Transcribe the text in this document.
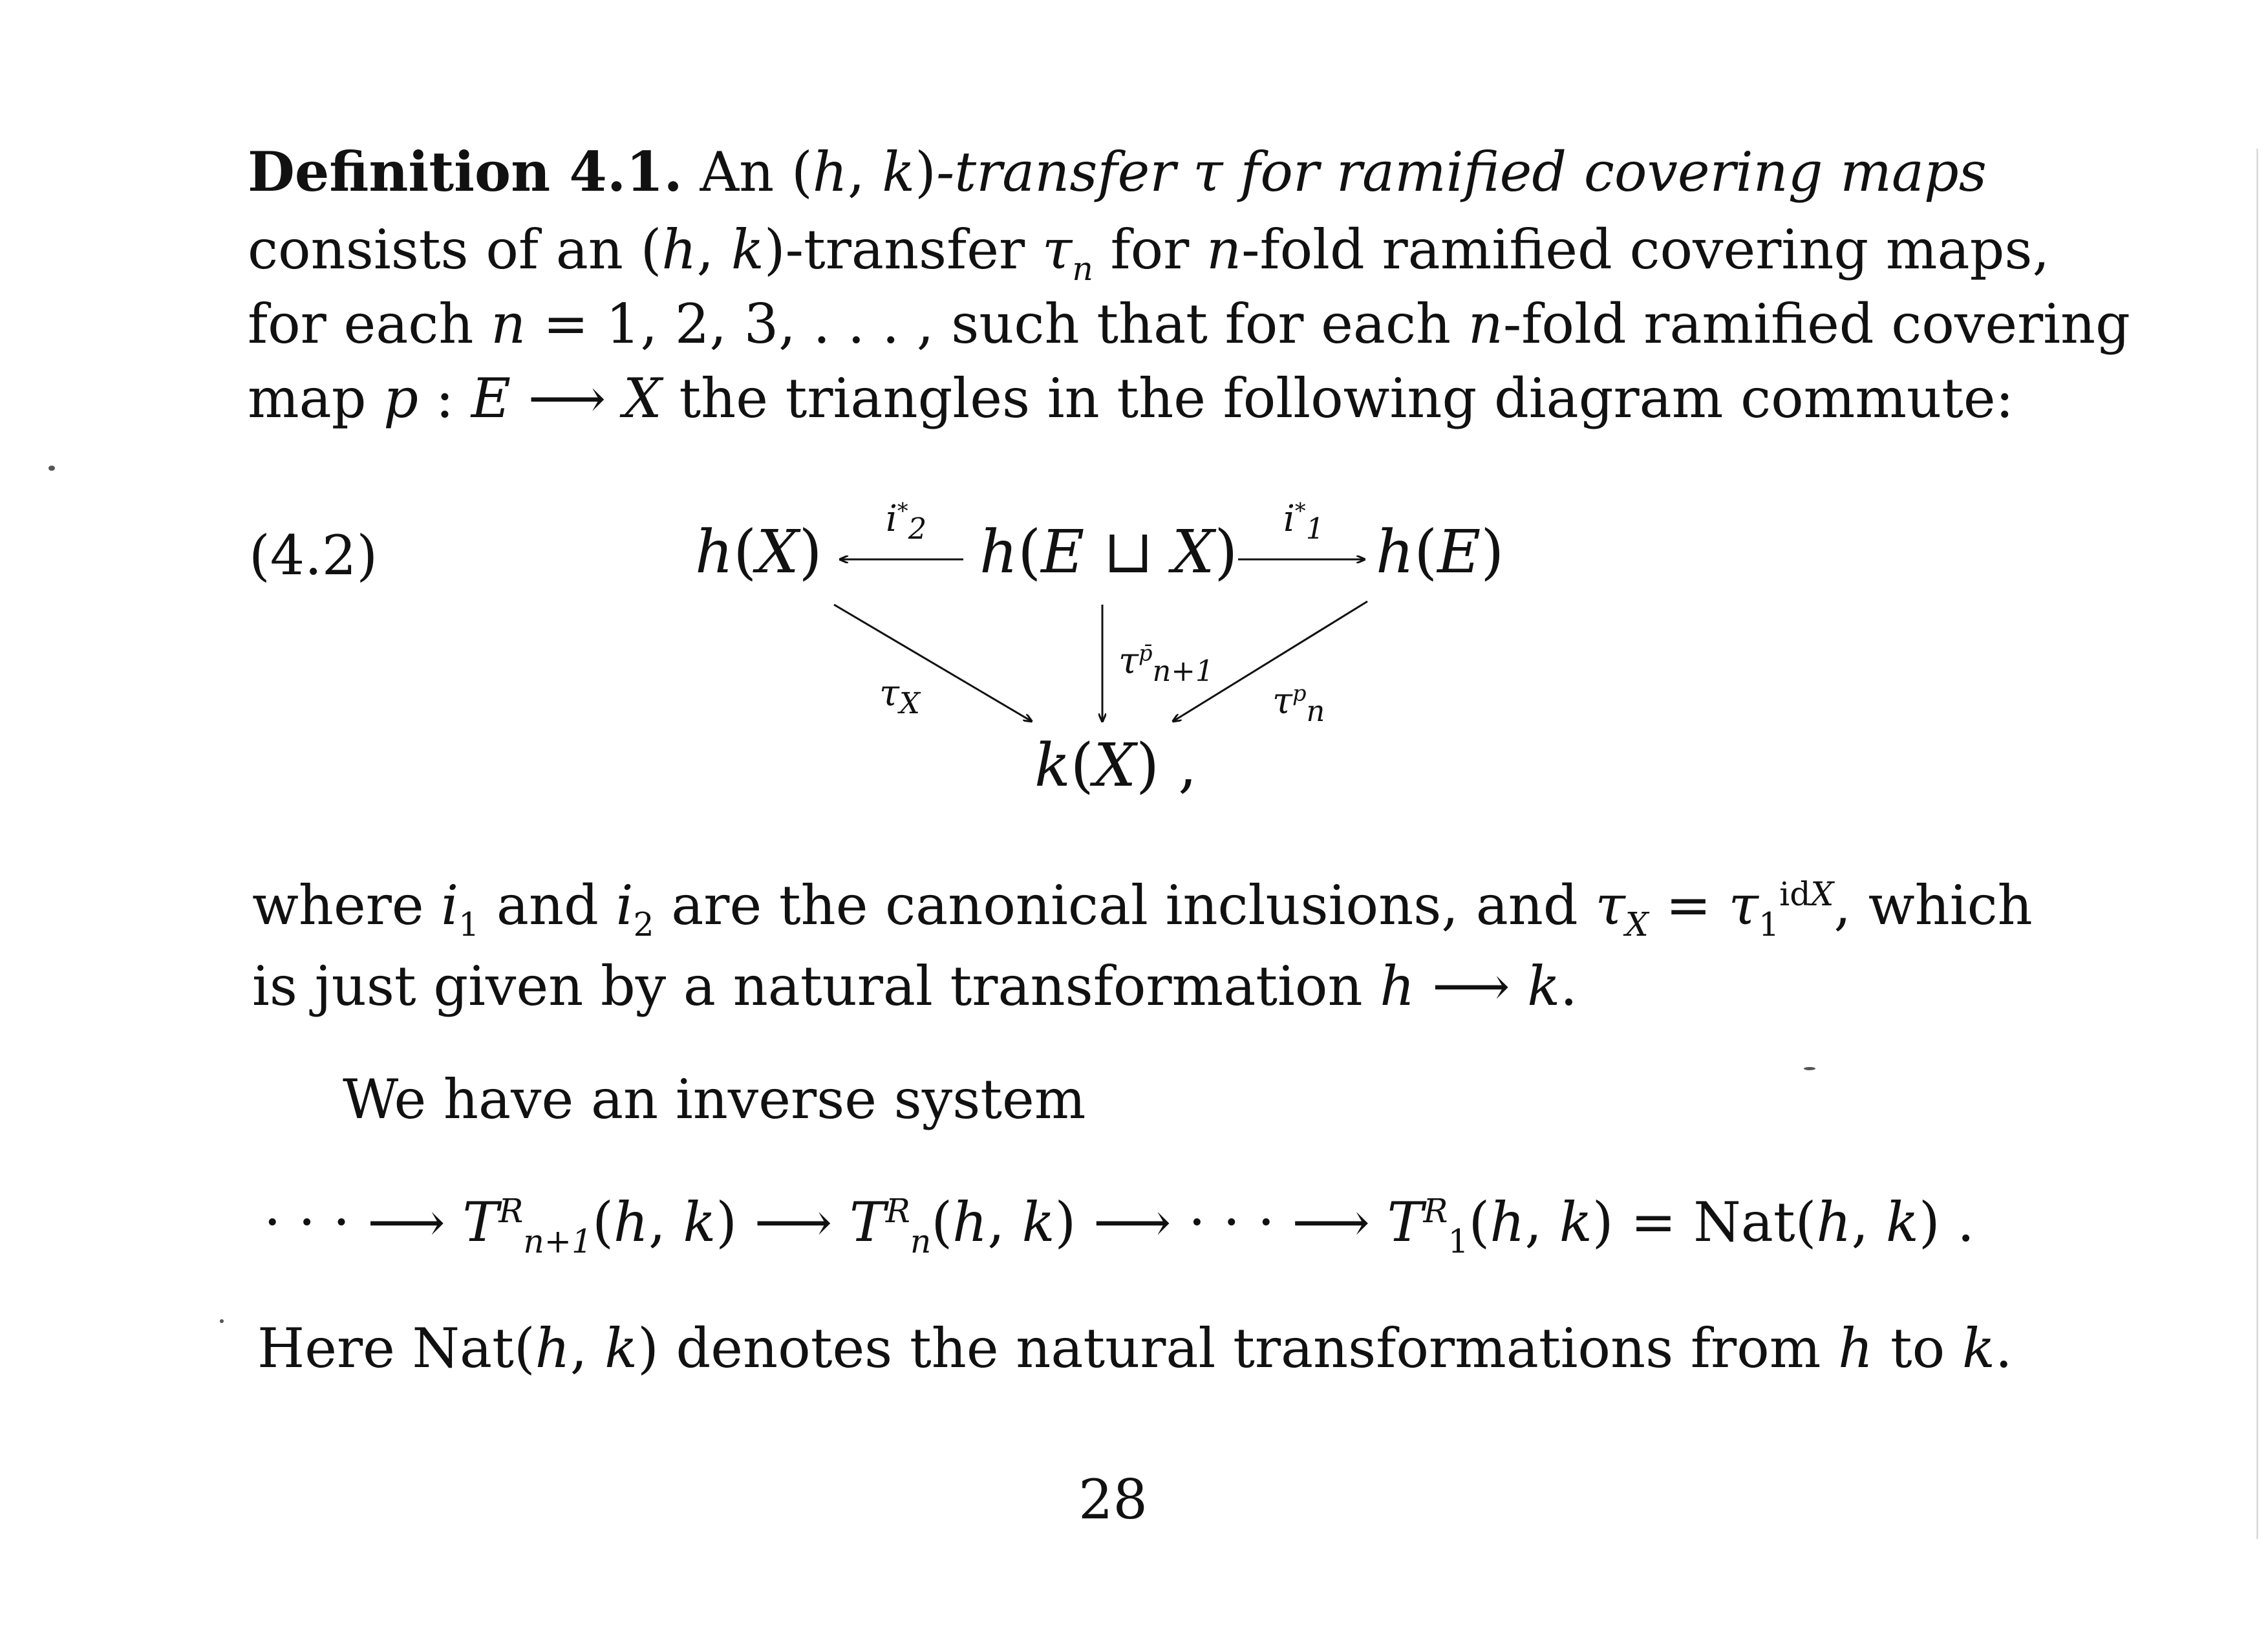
Definition 4.1. An (h, k)-transfer τ for ramified covering maps
consists of an (h, k)-transfer $\tau_n$ for n-fold ramified covering maps,
for each n = 1, 2, 3, . . . , such that for each n-fold ramified covering
map p : E ⟶ X the triangles in the following diagram commute:
(4.2)	h(X)	h(E ⊔ X) h(E)
k(X) ,
$i^*_2$	$i^*_1$
$\tau_X$
$\tau^{p̄}_{n+1}$
$\tau^p_n$
where $i_1$ and $i_2$ are the canonical inclusions, and $\tau_X = \tau_1^{idX}$, which
is just given by a natural transformation h ⟶ k.
We have an inverse system
· · · ⟶ $T^R_{n+1}(h$, k) ⟶ $T^R_n(h$, k) ⟶ · · · ⟶ $T^R_1(h$, k) = Nat(h, k) .
Here Nat(h, k) denotes the natural transformations from h to k.
28
